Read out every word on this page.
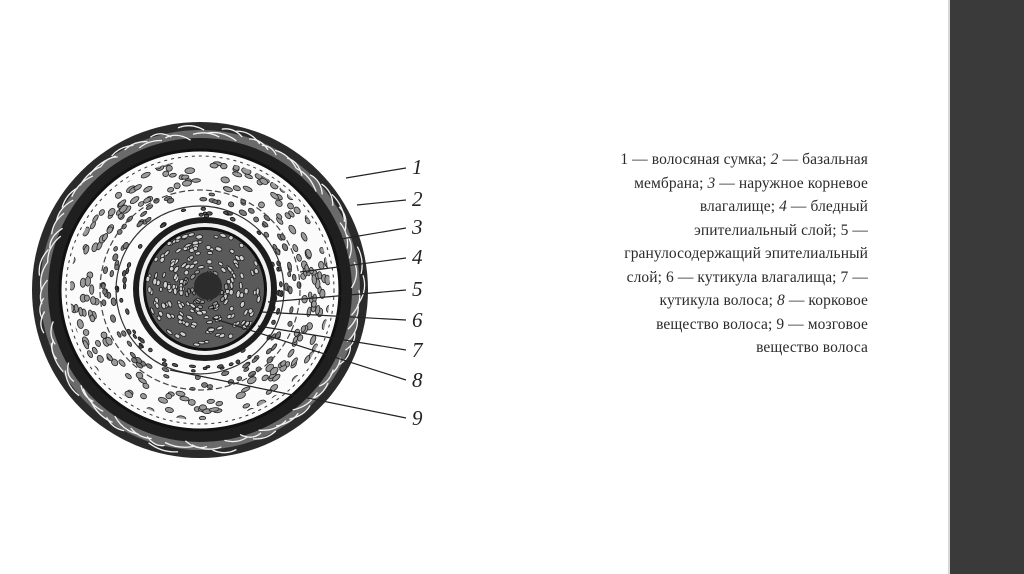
1
2
3
4
5
6
7
8
9
1 — волосяная сумка; 2 — базальная мембрана; 3 — наружное корневое влагалище; 4 — бледный эпителиальный слой; 5 — гранулосодержащий эпителиальный слой; 6 — кутикула влагалища; 7 — кутикула волоса; 8 — корковое вещество волоса; 9 — мозговое вещество волоса
